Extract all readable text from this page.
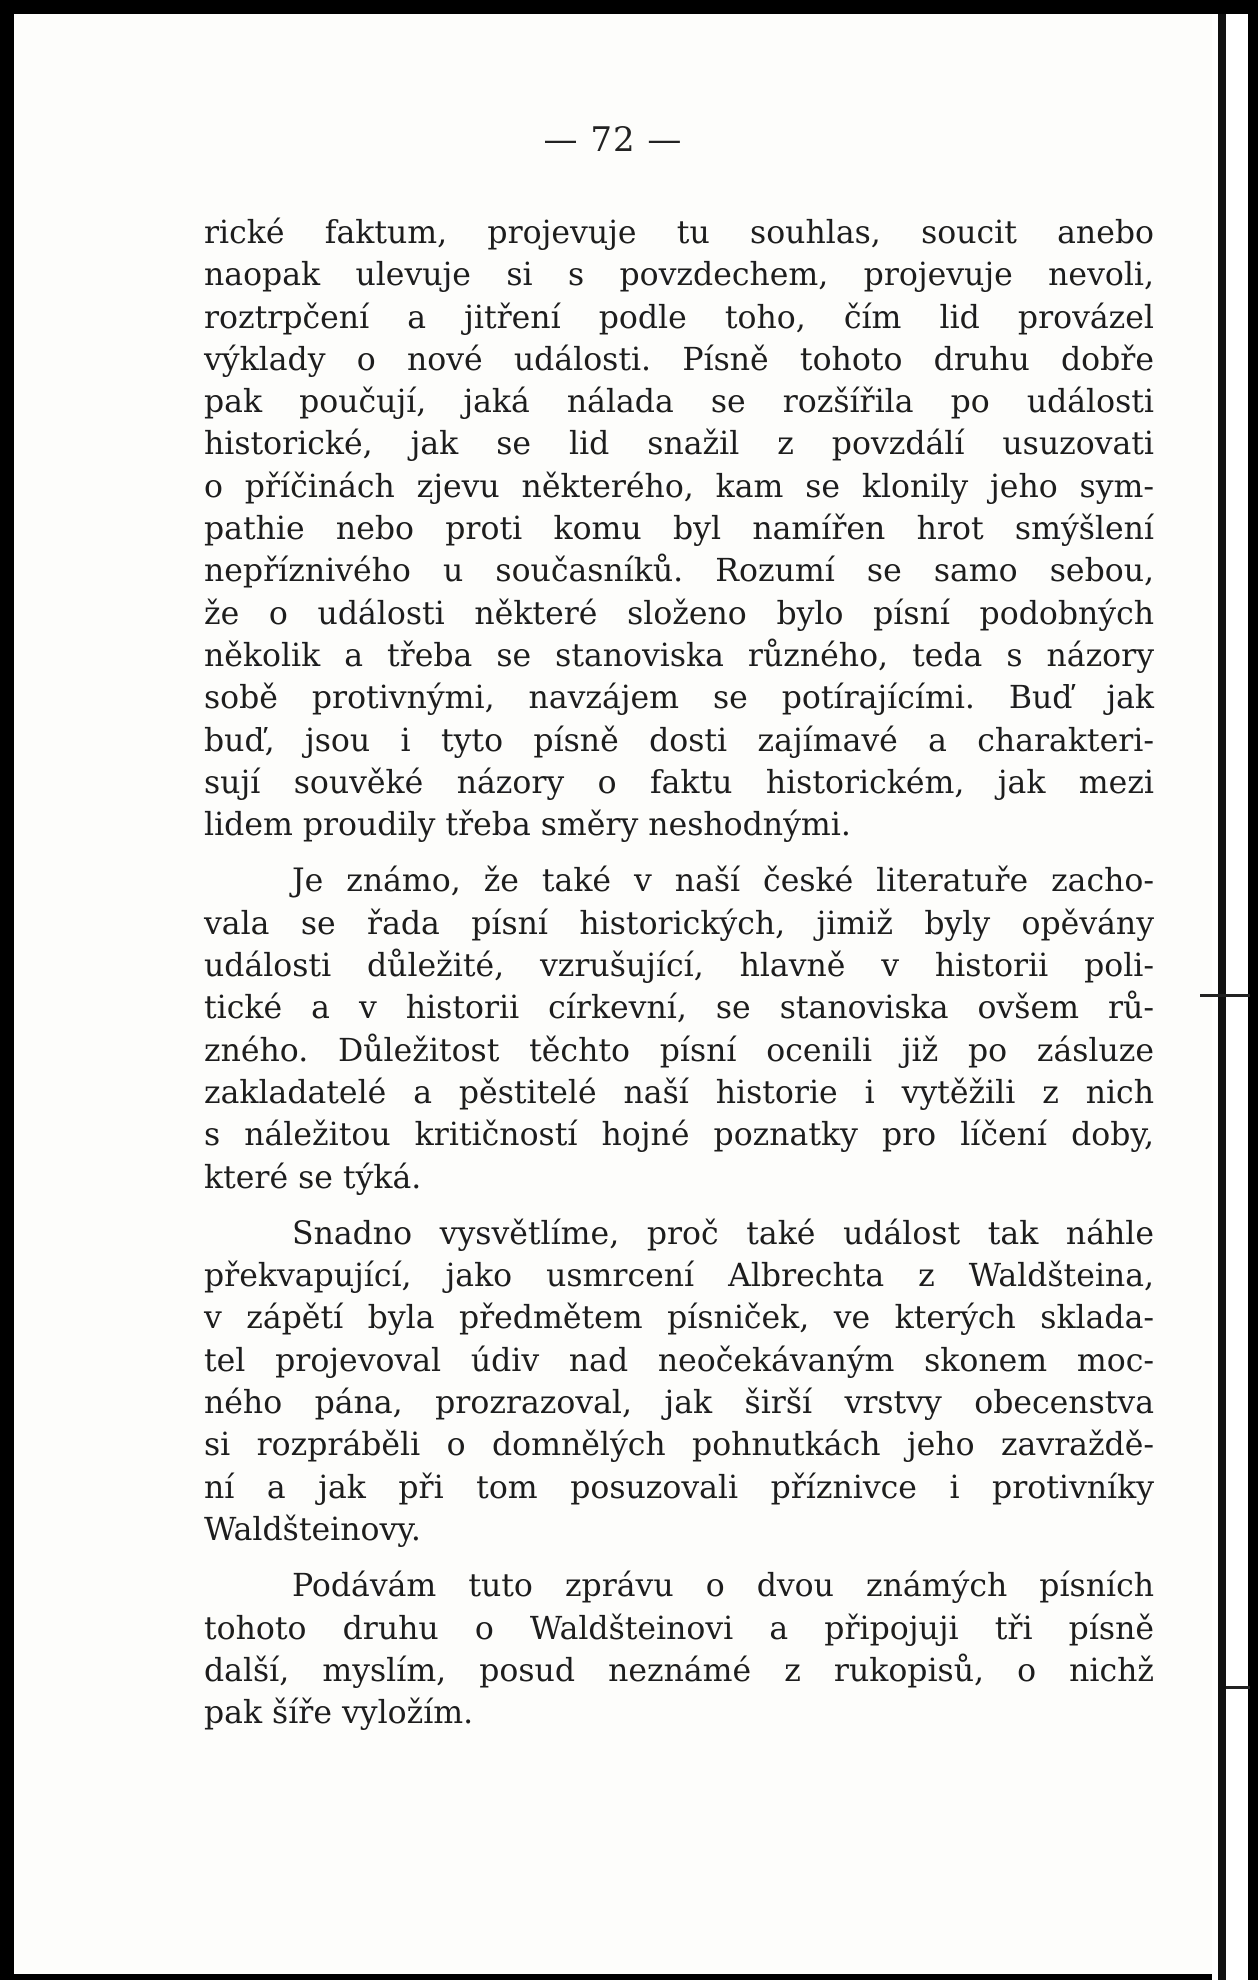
— 72 —

rické faktum, projevuje tu souhlas, soucit anebo
naopak ulevuje si s povzdechem, projevuje nevoli,
roztrpčení a jitření podle toho, čím lid provázel
výklady o nové události. Písně tohoto druhu dobře
pak poučují, jaká nálada se rozšířila po události
historické, jak se lid snažil z povzdálí usuzovati
o příčinách zjevu některého, kam se klonily jeho sym-
pathie nebo proti komu byl namířen hrot smýšlení
nepříznivého u současníků. Rozumí se samo sebou,
že o události některé složeno bylo písní podobných
několik a třeba se stanoviska různého, teda s názory
sobě protivnými, navzájem se potírajícími. Buď jak
buď, jsou i tyto písně dosti zajímavé a charakteri-
sují souvěké názory o faktu historickém, jak mezi
lidem proudily třeba směry neshodnými.

Je známo, že také v naší české literatuře zacho-
vala se řada písní historických, jimiž byly opěvány
události důležité, vzrušující, hlavně v historii poli-
tické a v historii církevní, se stanoviska ovšem rů-
zného. Důležitost těchto písní ocenili již po zásluze
zakladatelé a pěstitelé naší historie i vytěžili z nich
s náležitou kritičností hojné poznatky pro líčení doby,
které se týká.

Snadno vysvětlíme, proč také událost tak náhle
překvapující, jako usmrcení Albrechta z Waldšteina,
v zápětí byla předmětem písniček, ve kterých sklada-
tel projevoval údiv nad neočekávaným skonem moc-
ného pána, prozrazoval, jak širší vrstvy obecenstva
si rozpráběli o domnělých pohnutkách jeho zavraždě-
ní a jak při tom posuzovali příznivce i protivníky
Waldšteinovy.

Podávám tuto zprávu o dvou známých písních
tohoto druhu o Waldšteinovi a připojuji tři písně
další, myslím, posud neznámé z rukopisů, o nichž
pak šíře vyložím.
